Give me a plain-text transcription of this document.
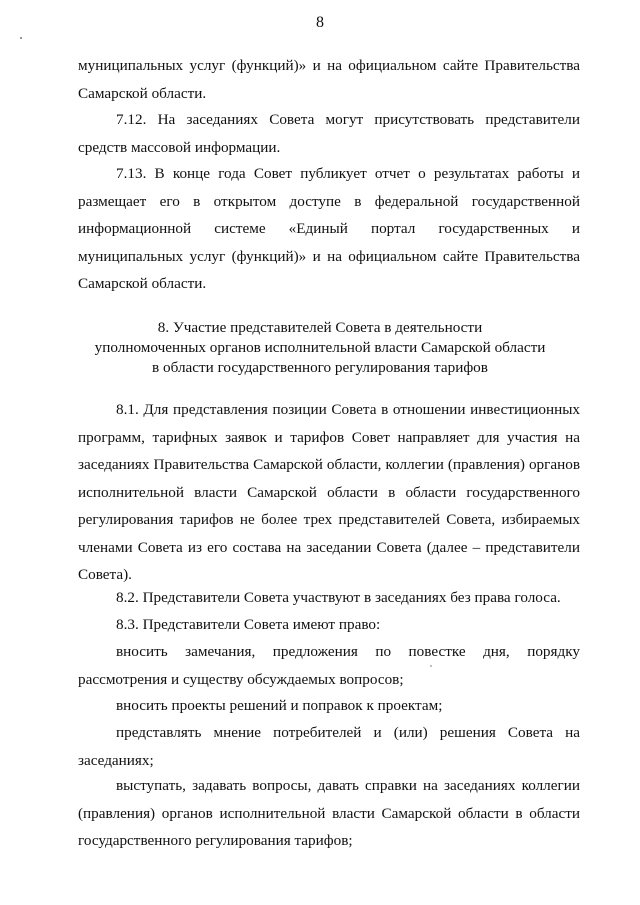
8
муниципальных услуг (функций)» и на официальном сайте Правительства
Самарской области.
7.12. На заседаниях Совета могут присутствовать представители
средств массовой информации.
7.13. В конце года Совет публикует отчет о результатах работы и
размещает его в открытом доступе в федеральной государственной
информационной системе «Единый портал государственных и
муниципальных услуг (функций)» и на официальном сайте Правительства
Самарской области.
8. Участие представителей Совета в деятельности
уполномоченных органов исполнительной власти Самарской области
в области государственного регулирования тарифов
8.1. Для представления позиции Совета в отношении инвестиционных
программ, тарифных заявок и тарифов Совет направляет для участия на
заседаниях Правительства Самарской области, коллегии (правления) органов
исполнительной власти Самарской области в области государственного
регулирования тарифов не более трех представителей Совета, избираемых
членами Совета из его состава на заседании Совета (далее – представители
Совета).
8.2. Представители Совета участвуют в заседаниях без права голоса.
8.3. Представители Совета имеют право:
вносить замечания, предложения по повестке дня, порядку
рассмотрения и существу обсуждаемых вопросов;
вносить проекты решений и поправок к проектам;
представлять мнение потребителей и (или) решения Совета на
заседаниях;
выступать, задавать вопросы, давать справки на заседаниях коллегии
(правления) органов исполнительной власти Самарской области в области
государственного регулирования тарифов;
